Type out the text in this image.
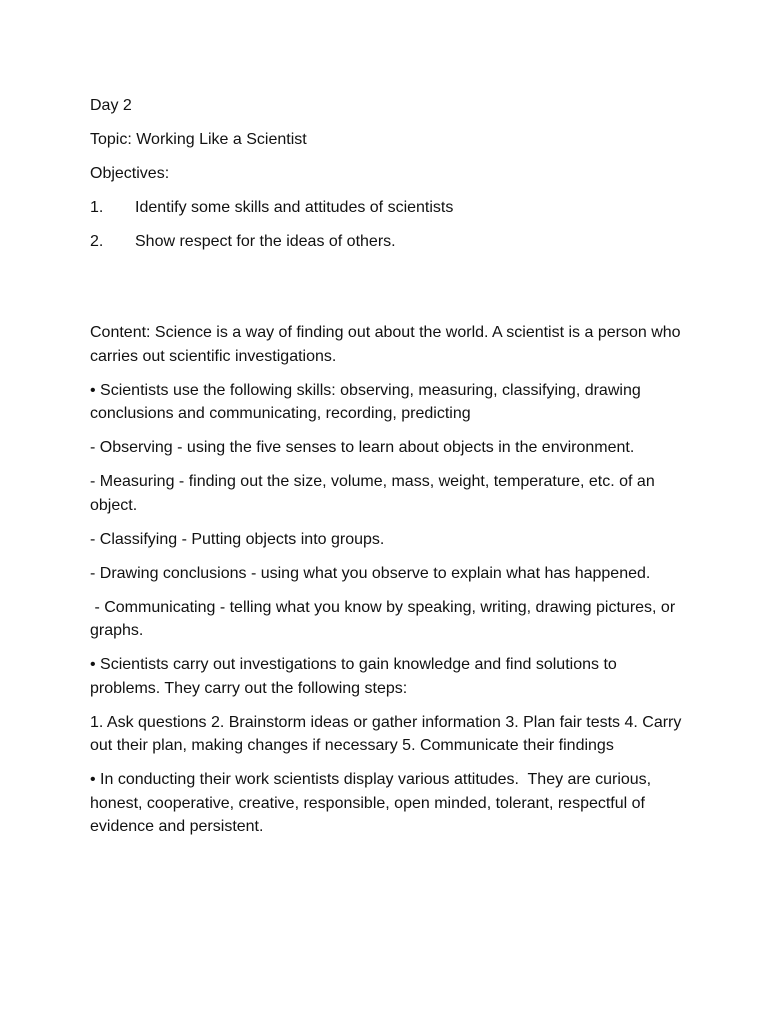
Day 2

Topic: Working Like a Scientist

Objectives:

1.	Identify some skills and attitudes of scientists
2.	Show respect for the ideas of others.

Content: Science is a way of finding out about the world. A scientist is a person who carries out scientific investigations.

• Scientists use the following skills: observing, measuring, classifying, drawing conclusions and communicating, recording, predicting

- Observing - using the five senses to learn about objects in the environment.

- Measuring - finding out the size, volume, mass, weight, temperature, etc. of an object.

- Classifying - Putting objects into groups.

- Drawing conclusions - using what you observe to explain what has happened.

- Communicating - telling what you know by speaking, writing, drawing pictures, or graphs.

• Scientists carry out investigations to gain knowledge and find solutions to problems. They carry out the following steps:

1. Ask questions 2. Brainstorm ideas or gather information 3. Plan fair tests 4. Carry out their plan, making changes if necessary 5. Communicate their findings

• In conducting their work scientists display various attitudes.  They are curious, honest, cooperative, creative, responsible, open minded, tolerant, respectful of evidence and persistent.
